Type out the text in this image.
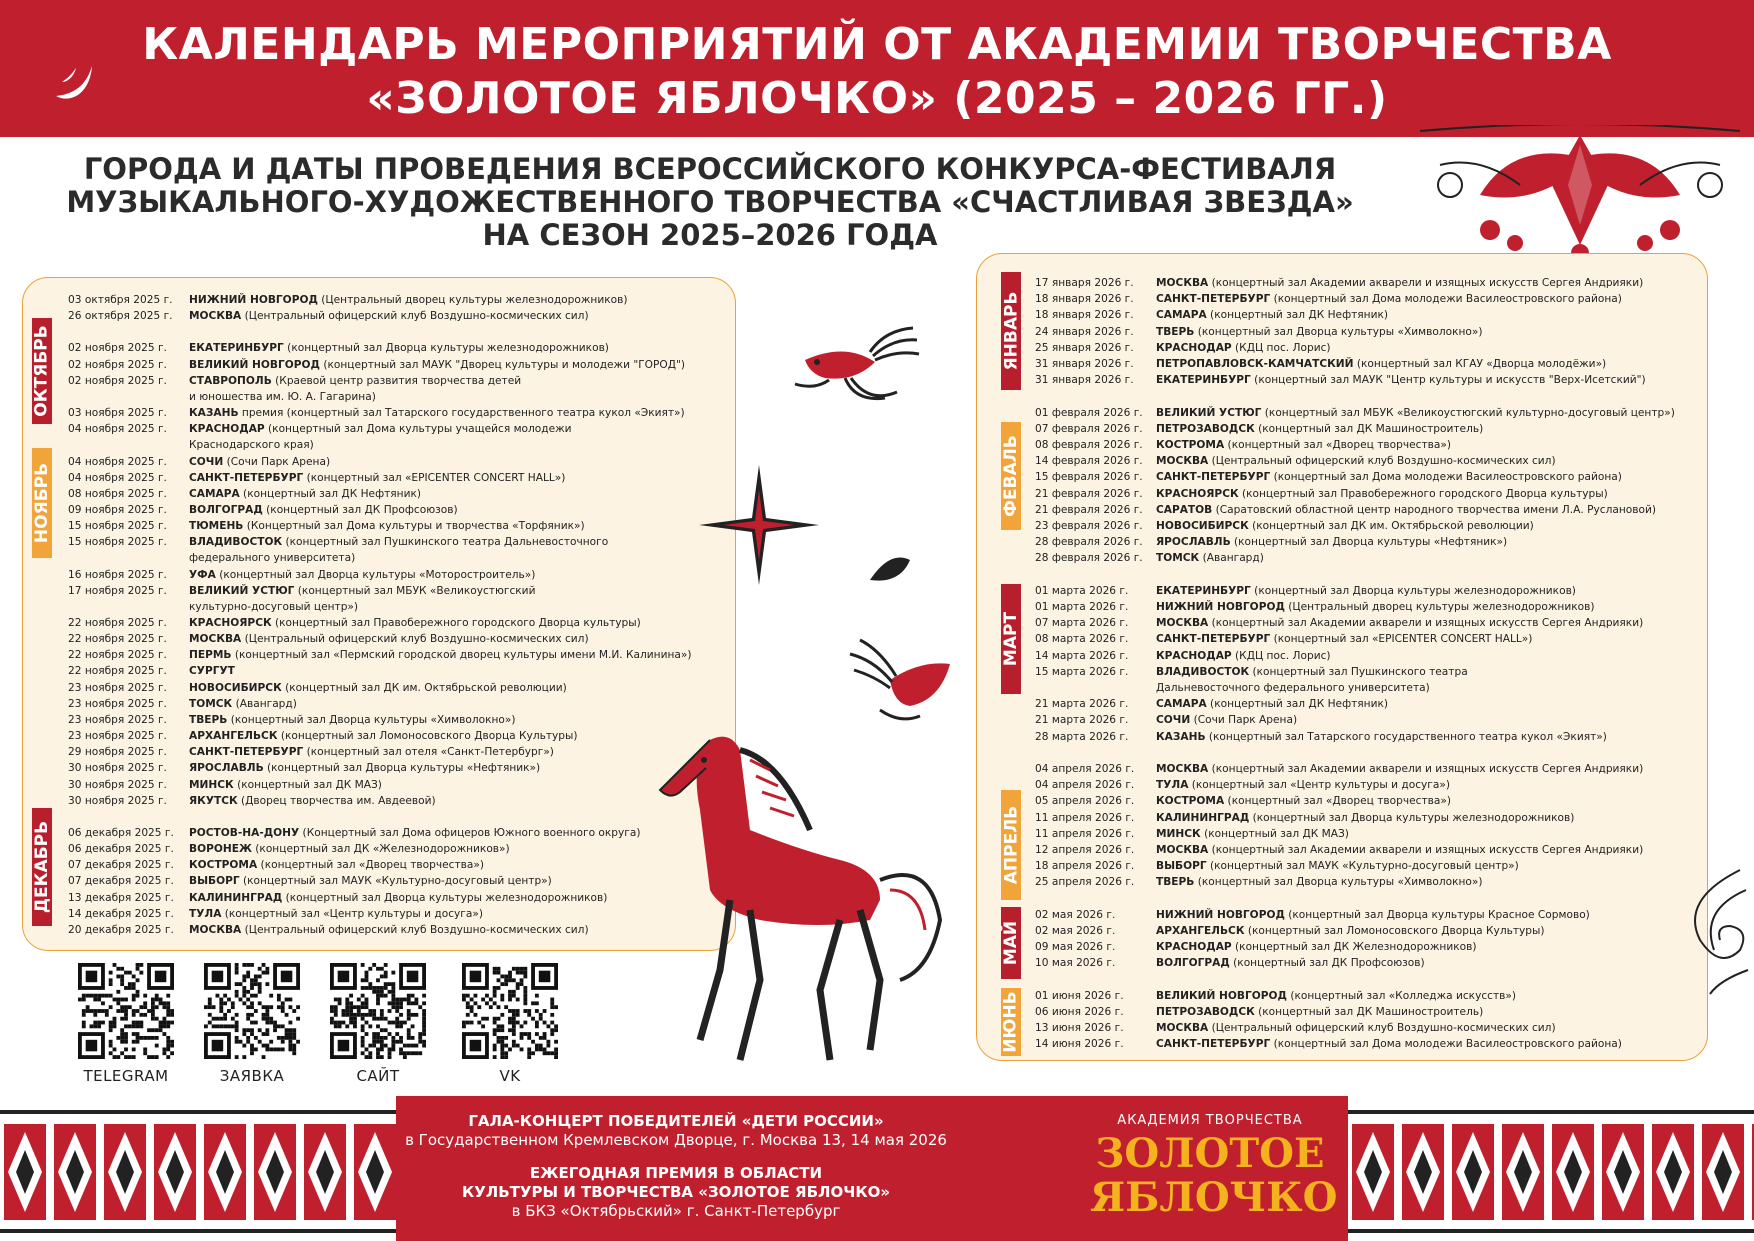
КАЛЕНДАРЬ МЕРОПРИЯТИЙ ОТ АКАДЕМИИ ТВОРЧЕСТВА
«ЗОЛОТОЕ ЯБЛОЧКО» (2025 – 2026 ГГ.)
ГОРОДА И ДАТЫ ПРОВЕДЕНИЯ ВСЕРОССИЙСКОГО КОНКУРСА-ФЕСТИВАЛЯ
МУЗЫКАЛЬНОГО-ХУДОЖЕСТВЕННОГО ТВОРЧЕСТВА «СЧАСТЛИВАЯ ЗВЕЗДА»
НА СЕЗОН 2025–2026 ГОДА
ОКТЯБРЬ
НОЯБРЬ
ДЕКАБРЬ
ЯНВАРЬ
ФЕВАЛЬ
МАРТ
АПРЕЛЬ
МАЙ
ИЮНЬ
03 октября 2025 г. НИЖНИЙ НОВГОРОД (Центральный дворец культуры железнодорожников)
26 октября 2025 г. МОСКВА (Центральный офицерский клуб Воздушно-космических сил)
02 ноября 2025 г. ЕКАТЕРИНБУРГ (концертный зал Дворца культуры железнодорожников)
02 ноября 2025 г. ВЕЛИКИЙ НОВГОРОД (концертный зал МАУК "Дворец культуры и молодежи "ГОРОД")
02 ноября 2025 г. СТАВРОПОЛЬ (Краевой центр развития творчества детей
и юношества им. Ю. А. Гагарина)
03 ноября 2025 г. КАЗАНЬ премия (концертный зал Татарского государственного театра кукол «Экият»)
04 ноября 2025 г. КРАСНОДАР (концертный зал Дома культуры учащейся молодежи
Краснодарского края)
04 ноября 2025 г. СОЧИ (Сочи Парк Арена)
04 ноября 2025 г. САНКТ-ПЕТЕРБУРГ (концертный зал «EPICENTER CONCERT HALL»)
08 ноября 2025 г. САМАРА (концертный зал ДК Нефтяник)
09 ноября 2025 г. ВОЛГОГРАД (концертный зал ДК Профсоюзов)
15 ноября 2025 г. ТЮМЕНЬ (Концертный зал Дома культуры и творчества «Торфяник»)
15 ноября 2025 г. ВЛАДИВОСТОК (концертный зал Пушкинского театра Дальневосточного
федерального университета)
16 ноября 2025 г. УФА (концертный зал Дворца культуры «Моторостроитель»)
17 ноября 2025 г. ВЕЛИКИЙ УСТЮГ (концертный зал МБУК «Великоустюгский
культурно-досуговый центр»)
22 ноября 2025 г. КРАСНОЯРСК (концертный зал Правобережного городского Дворца культуры)
22 ноября 2025 г. МОСКВА (Центральный офицерский клуб Воздушно-космических сил)
22 ноября 2025 г. ПЕРМЬ (концертный зал «Пермский городской дворец культуры имени М.И. Калинина»)
22 ноября 2025 г. СУРГУТ
23 ноября 2025 г. НОВОСИБИРСК (концертный зал ДК им. Октябрьской революции)
23 ноября 2025 г. ТОМСК (Авангард)
23 ноября 2025 г. ТВЕРЬ (концертный зал Дворца культуры «Химволокно»)
23 ноября 2025 г. АРХАНГЕЛЬСК (концертный зал Ломоносовского Дворца Культуры)
29 ноября 2025 г. САНКТ-ПЕТЕРБУРГ (концертный зал отеля «Санкт-Петербург»)
30 ноября 2025 г. ЯРОСЛАВЛЬ (концертный зал Дворца культуры «Нефтяник»)
30 ноября 2025 г. МИНСК (концертный зал ДК МАЗ)
30 ноября 2025 г. ЯКУТСК (Дворец творчества им. Авдеевой)
06 декабря 2025 г. РОСТОВ-НА-ДОНУ (Концертный зал Дома офицеров Южного военного округа)
06 декабря 2025 г. ВОРОНЕЖ (концертный зал ДК «Железнодорожников»)
07 декабря 2025 г. КОСТРОМА (концертный зал «Дворец творчества»)
07 декабря 2025 г. ВЫБОРГ (концертный зал МАУК «Культурно-досуговый центр»)
13 декабря 2025 г. КАЛИНИНГРАД (концертный зал Дворца культуры железнодорожников)
14 декабря 2025 г. ТУЛА (концертный зал «Центр культуры и досуга»)
20 декабря 2025 г. МОСКВА (Центральный офицерский клуб Воздушно-космических сил)
17 января 2026 г. МОСКВА (концертный зал Академии акварели и изящных искусств Сергея Андрияки)
18 января 2026 г. САНКТ-ПЕТЕРБУРГ (концертный зал Дома молодежи Василеостровского района)
18 января 2026 г. САМАРА (концертный зал ДК Нефтяник)
24 января 2026 г. ТВЕРЬ (концертный зал Дворца культуры «Химволокно»)
25 января 2026 г. КРАСНОДАР (КДЦ пос. Лорис)
31 января 2026 г. ПЕТРОПАВЛОВСК-КАМЧАТСКИЙ (концертный зал КГАУ «Дворца молодёжи»)
31 января 2026 г. ЕКАТЕРИНБУРГ (концертный зал МАУК "Центр культуры и искусств "Верх-Исетский")
01 февраля 2026 г. ВЕЛИКИЙ УСТЮГ (концертный зал МБУК «Великоустюгский культурно-досуговый центр»)
07 февраля 2026 г. ПЕТРОЗАВОДСК (концертный зал ДК Машиностроитель)
08 февраля 2026 г. КОСТРОМА (концертный зал «Дворец творчества»)
14 февраля 2026 г. МОСКВА (Центральный офицерский клуб Воздушно-космических сил)
15 февраля 2026 г. САНКТ-ПЕТЕРБУРГ (концертный зал Дома молодежи Василеостровского района)
21 февраля 2026 г. КРАСНОЯРСК (концертный зал Правобережного городского Дворца культуры)
21 февраля 2026 г. САРАТОВ (Саратовский областной центр народного творчества имени Л.А. Руслановой)
23 февраля 2026 г. НОВОСИБИРСК (концертный зал ДК им. Октябрьской революции)
28 февраля 2026 г. ЯРОСЛАВЛЬ (концертный зал Дворца культуры «Нефтяник»)
28 февраля 2026 г. ТОМСК (Авангард)
01 марта 2026 г.	ЕКАТЕРИНБУРГ (концертный зал Дворца культуры железнодорожников)
01 марта 2026 г.	НИЖНИЙ НОВГОРОД (Центральный дворец культуры железнодорожников)
07 марта 2026 г.	МОСКВА (концертный зал Академии акварели и изящных искусств Сергея Андрияки)
08 марта 2026 г.	САНКТ-ПЕТЕРБУРГ (концертный зал «EPICENTER CONCERT HALL»)
14 марта 2026 г.	КРАСНОДАР (КДЦ пос. Лорис)
15 марта 2026 г.	ВЛАДИВОСТОК (концертный зал Пушкинского театра
Дальневосточного федерального университета)
21 марта 2026 г.	САМАРА (концертный зал ДК Нефтяник)
21 марта 2026 г.	СОЧИ (Сочи Парк Арена)
28 марта 2026 г.	КАЗАНЬ (концертный зал Татарского государственного театра кукол «Экият»)
04 апреля 2026 г. МОСКВА (концертный зал Академии акварели и изящных искусств Сергея Андрияки)
04 апреля 2026 г. ТУЛА (концертный зал «Центр культуры и досуга»)
05 апреля 2026 г. КОСТРОМА (концертный зал «Дворец творчества»)
11 апреля 2026 г. КАЛИНИНГРАД (концертный зал Дворца культуры железнодорожников)
11 апреля 2026 г. МИНСК (концертный зал ДК МАЗ)
12 апреля 2026 г. МОСКВА (концертный зал Академии акварели и изящных искусств Сергея Андрияки)
18 апреля 2026 г. ВЫБОРГ (концертный зал МАУК «Культурно-досуговый центр»)
25 апреля 2026 г. ТВЕРЬ (концертный зал Дворца культуры «Химволокно»)
02 мая 2026 г.	НИЖНИЙ НОВГОРОД (концертный зал Дворца культуры Красное Сормово)
02 мая 2026 г.	АРХАНГЕЛЬСК (концертный зал Ломоносовского Дворца Культуры)
09 мая 2026 г.	КРАСНОДАР (концертный зал ДК Железнодорожников)
10 мая 2026 г.	ВОЛГОГРАД (концертный зал ДК Профсоюзов)
01 июня 2026 г.	ВЕЛИКИЙ НОВГОРОД (концертный зал «Колледжа искусств»)
06 июня 2026 г.	ПЕТРОЗАВОДСК (концертный зал ДК Машиностроитель)
13 июня 2026 г.	МОСКВА (Центральный офицерский клуб Воздушно-космических сил)
14 июня 2026 г.	САНКТ-ПЕТЕРБУРГ (концертный зал Дома молодежи Василеостровского района)
TELEGRAM	ЗАЯВКА	САЙТ	VK
ГАЛА-КОНЦЕРТ ПОБЕДИТЕЛЕЙ «ДЕТИ РОССИИ»
в Государственном Кремлевском Дворце, г. Москва 13, 14 мая 2026
ЕЖЕГОДНАЯ ПРЕМИЯ В ОБЛАСТИ
КУЛЬТУРЫ И ТВОРЧЕСТВА «ЗОЛОТОЕ ЯБЛОЧКО»
в БКЗ «Октябрьский» г. Санкт-Петербург
АКАДЕМИЯ ТВОРЧЕСТВА
ЗОЛОТОЕ
ЯБЛОЧКО
